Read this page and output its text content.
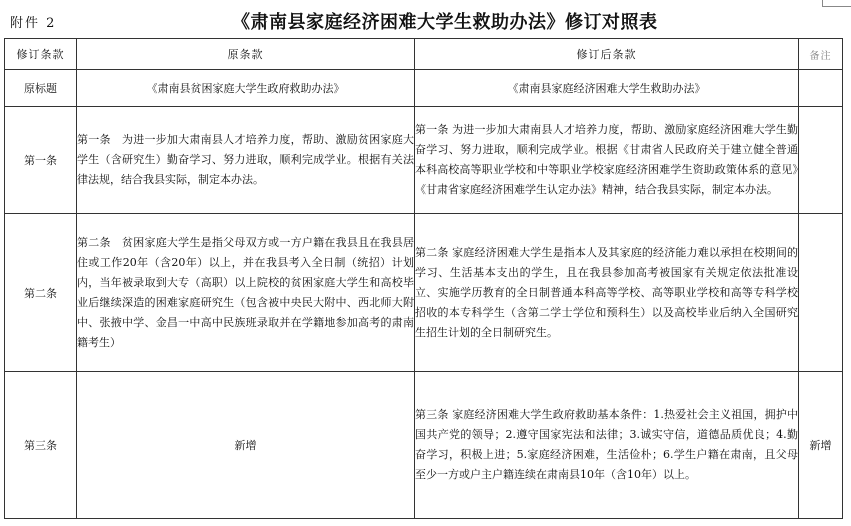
附件 2	《肃南县家庭经济困难大学生救助办法》修订对照表
修订条款	原条款	修订后条款	备注
原标题	《肃南县贫困家庭大学生政府救助办法》	《肃南县家庭经济困难大学生救助办法》	
第一条	第一条　为进一步加大肃南县人才培养力度，帮助、激励贫困家庭大学生（含研究生）勤奋学习、努力进取，顺利完成学业。根据有关法律法规，结合我县实际，制定本办法。	第一条 为进一步加大肃南县人才培养力度，帮助、激励家庭经济困难大学生勤奋学习、努力进取，顺利完成学业。根据《甘肃省人民政府关于建立健全普通本科高校高等职业学校和中等职业学校家庭经济困难学生资助政策体系的意见》《甘肃省家庭经济困难学生认定办法》精神，结合我县实际，制定本办法。	
第二条	第二条　贫困家庭大学生是指父母双方或一方户籍在我县且在我县居住或工作20年（含20年）以上，并在我县考入全日制（统招）计划内，当年被录取到大专（高职）以上院校的贫困家庭大学生和高校毕业后继续深造的困难家庭研究生（包含被中央民大附中、西北师大附中、张掖中学、金昌一中高中民族班录取并在学籍地参加高考的肃南籍考生）	第二条 家庭经济困难大学生是指本人及其家庭的经济能力难以承担在校期间的学习、生活基本支出的学生，且在我县参加高考被国家有关规定依法批准设立、实施学历教育的全日制普通本科高等学校、高等职业学校和高等专科学校招收的本专科学生（含第二学士学位和预科生）以及高校毕业后纳入全国研究生招生计划的全日制研究生。	
第三条	新增	第三条 家庭经济困难大学生政府救助基本条件：1.热爱社会主义祖国，拥护中国共产党的领导；2.遵守国家宪法和法律；3.诚实守信，道德品质优良；4.勤奋学习，积极上进；5.家庭经济困难，生活俭朴；6.学生户籍在肃南，且父母至少一方或户主户籍连续在肃南县10年（含10年）以上。	新增
